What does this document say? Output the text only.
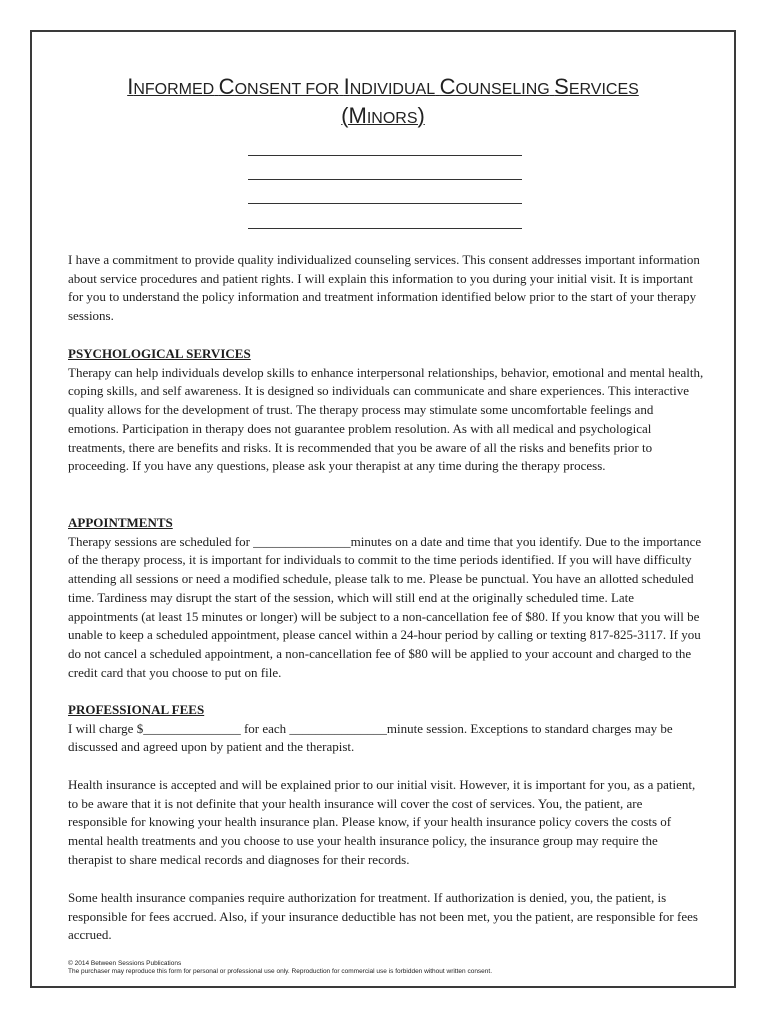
INFORMED CONSENT FOR INDIVIDUAL COUNSELING SERVICES
(MINORS)

I have a commitment to provide quality individualized counseling services. This consent addresses important information about service procedures and patient rights. I will explain this information to you during your initial visit. It is important for you to understand the policy information and treatment information identified below prior to the start of your therapy sessions.

PSYCHOLOGICAL SERVICES
Therapy can help individuals develop skills to enhance interpersonal relationships, behavior, emotional and mental health, coping skills, and self awareness. It is designed so individuals can communicate and share experiences. This interactive quality allows for the development of trust. The therapy process may stimulate some uncomfortable feelings and emotions. Participation in therapy does not guarantee problem resolution. As with all medical and psychological treatments, there are benefits and risks. It is recommended that you be aware of all the risks and benefits prior to proceeding. If you have any questions, please ask your therapist at any time during the therapy process.
APPOINTMENTS
Therapy sessions are scheduled for _______________minutes on a date and time that you identify. Due to the importance of the therapy process, it is important for individuals to commit to the time periods identified. If you will have difficulty attending all sessions or need a modified schedule, please talk to me. Please be punctual. You have an allotted scheduled time. Tardiness may disrupt the start of the session, which will still end at the originally scheduled time. Late appointments (at least 15 minutes or longer) will be subject to a non-cancellation fee of $80. If you know that you will be unable to keep a scheduled appointment, please cancel within a 24-hour period by calling or texting 817-825-3117. If you do not cancel a scheduled appointment, a non-cancellation fee of $80 will be applied to your account and charged to the credit card that you choose to put on file.
PROFESSIONAL FEES
I will charge $_______________ for each _______________minute session. Exceptions to standard charges may be discussed and agreed upon by patient and the therapist.

Health insurance is accepted and will be explained prior to our initial visit. However, it is important for you, as a patient, to be aware that it is not definite that your health insurance will cover the cost of services. You, the patient, are responsible for knowing your health insurance plan. Please know, if your health insurance policy covers the costs of mental health treatments and you choose to use your health insurance policy, the insurance group may require the therapist to share medical records and diagnoses for their records.

Some health insurance companies require authorization for treatment. If authorization is denied, you, the patient, is responsible for fees accrued. Also, if your insurance deductible has not been met, you the patient, are responsible for fees accrued.

© 2014 Between Sessions Publications
The purchaser may reproduce this form for personal or professional use only. Reproduction for commercial use is forbidden without written consent.
